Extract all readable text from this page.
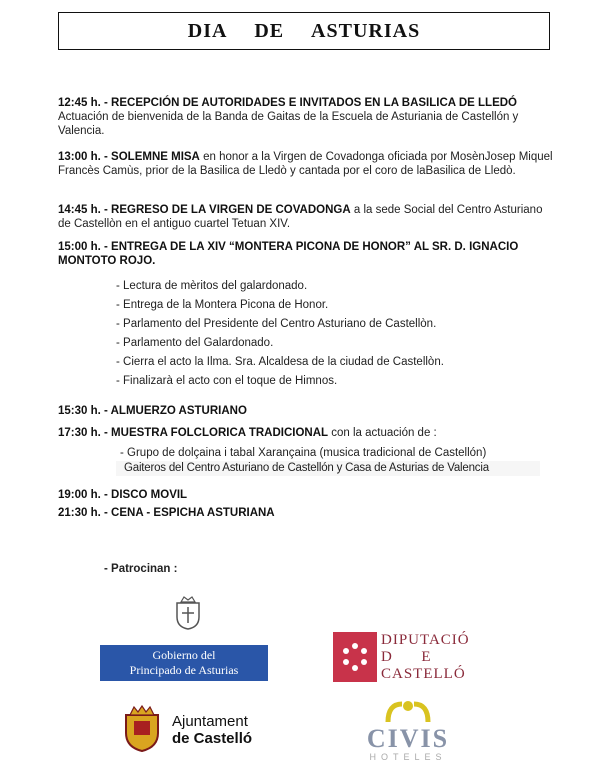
DIA DE ASTURIAS
12:45 h. - RECEPCIÓN DE AUTORIDADES E INVITADOS EN LA BASILICA DE LLEDÓ
Actuación de bienvenida de la Banda de Gaitas de la Escuela de Asturiania de Castellón y Valencia.
13:00 h. - SOLEMNE MISA en honor a la Virgen de Covadonga oficiada por MosènJosep Miquel Francès Camùs, prior de la Basilica de Lledò y cantada por el coro de laBasilica de Lledò.
14:45 h. - REGRESO DE LA VIRGEN DE COVADONGA a la sede Social del Centro Asturiano de Castellòn en el antiguo cuartel Tetuan XIV.
15:00 h. - ENTREGA DE LA XIV “MONTERA PICONA DE HONOR” AL SR. D. IGNACIO MONTOTO ROJO.
- Lectura de mèritos del galardonado.
- Entrega de la Montera Picona de Honor.
- Parlamento del Presidente del Centro Asturiano de Castellòn.
- Parlamento del Galardonado.
- Cierra el acto la Ilma. Sra. Alcaldesa de la ciudad de Castellòn.
- Finalizarà el acto con el toque de Himnos.
15:30 h. - ALMUERZO ASTURIANO
17:30 h. - MUESTRA FOLCLORICA TRADICIONAL con la actuación de :
- Grupo de dolçaina i tabal Xarançaina (musica tradicional de Castellón)
Gaiteros del Centro Asturiano de Castellón y Casa de Asturias de Valencia
19:00 h. - DISCO MOVIL
21:30 h. - CENA - ESPICHA ASTURIANA
- Patrocinan :
Gobierno del
Principado de Asturias
DIPUTACIÓ
D      E
CASTELLÓ
Ajuntament
de Castelló	CIVIS
HOTELES
